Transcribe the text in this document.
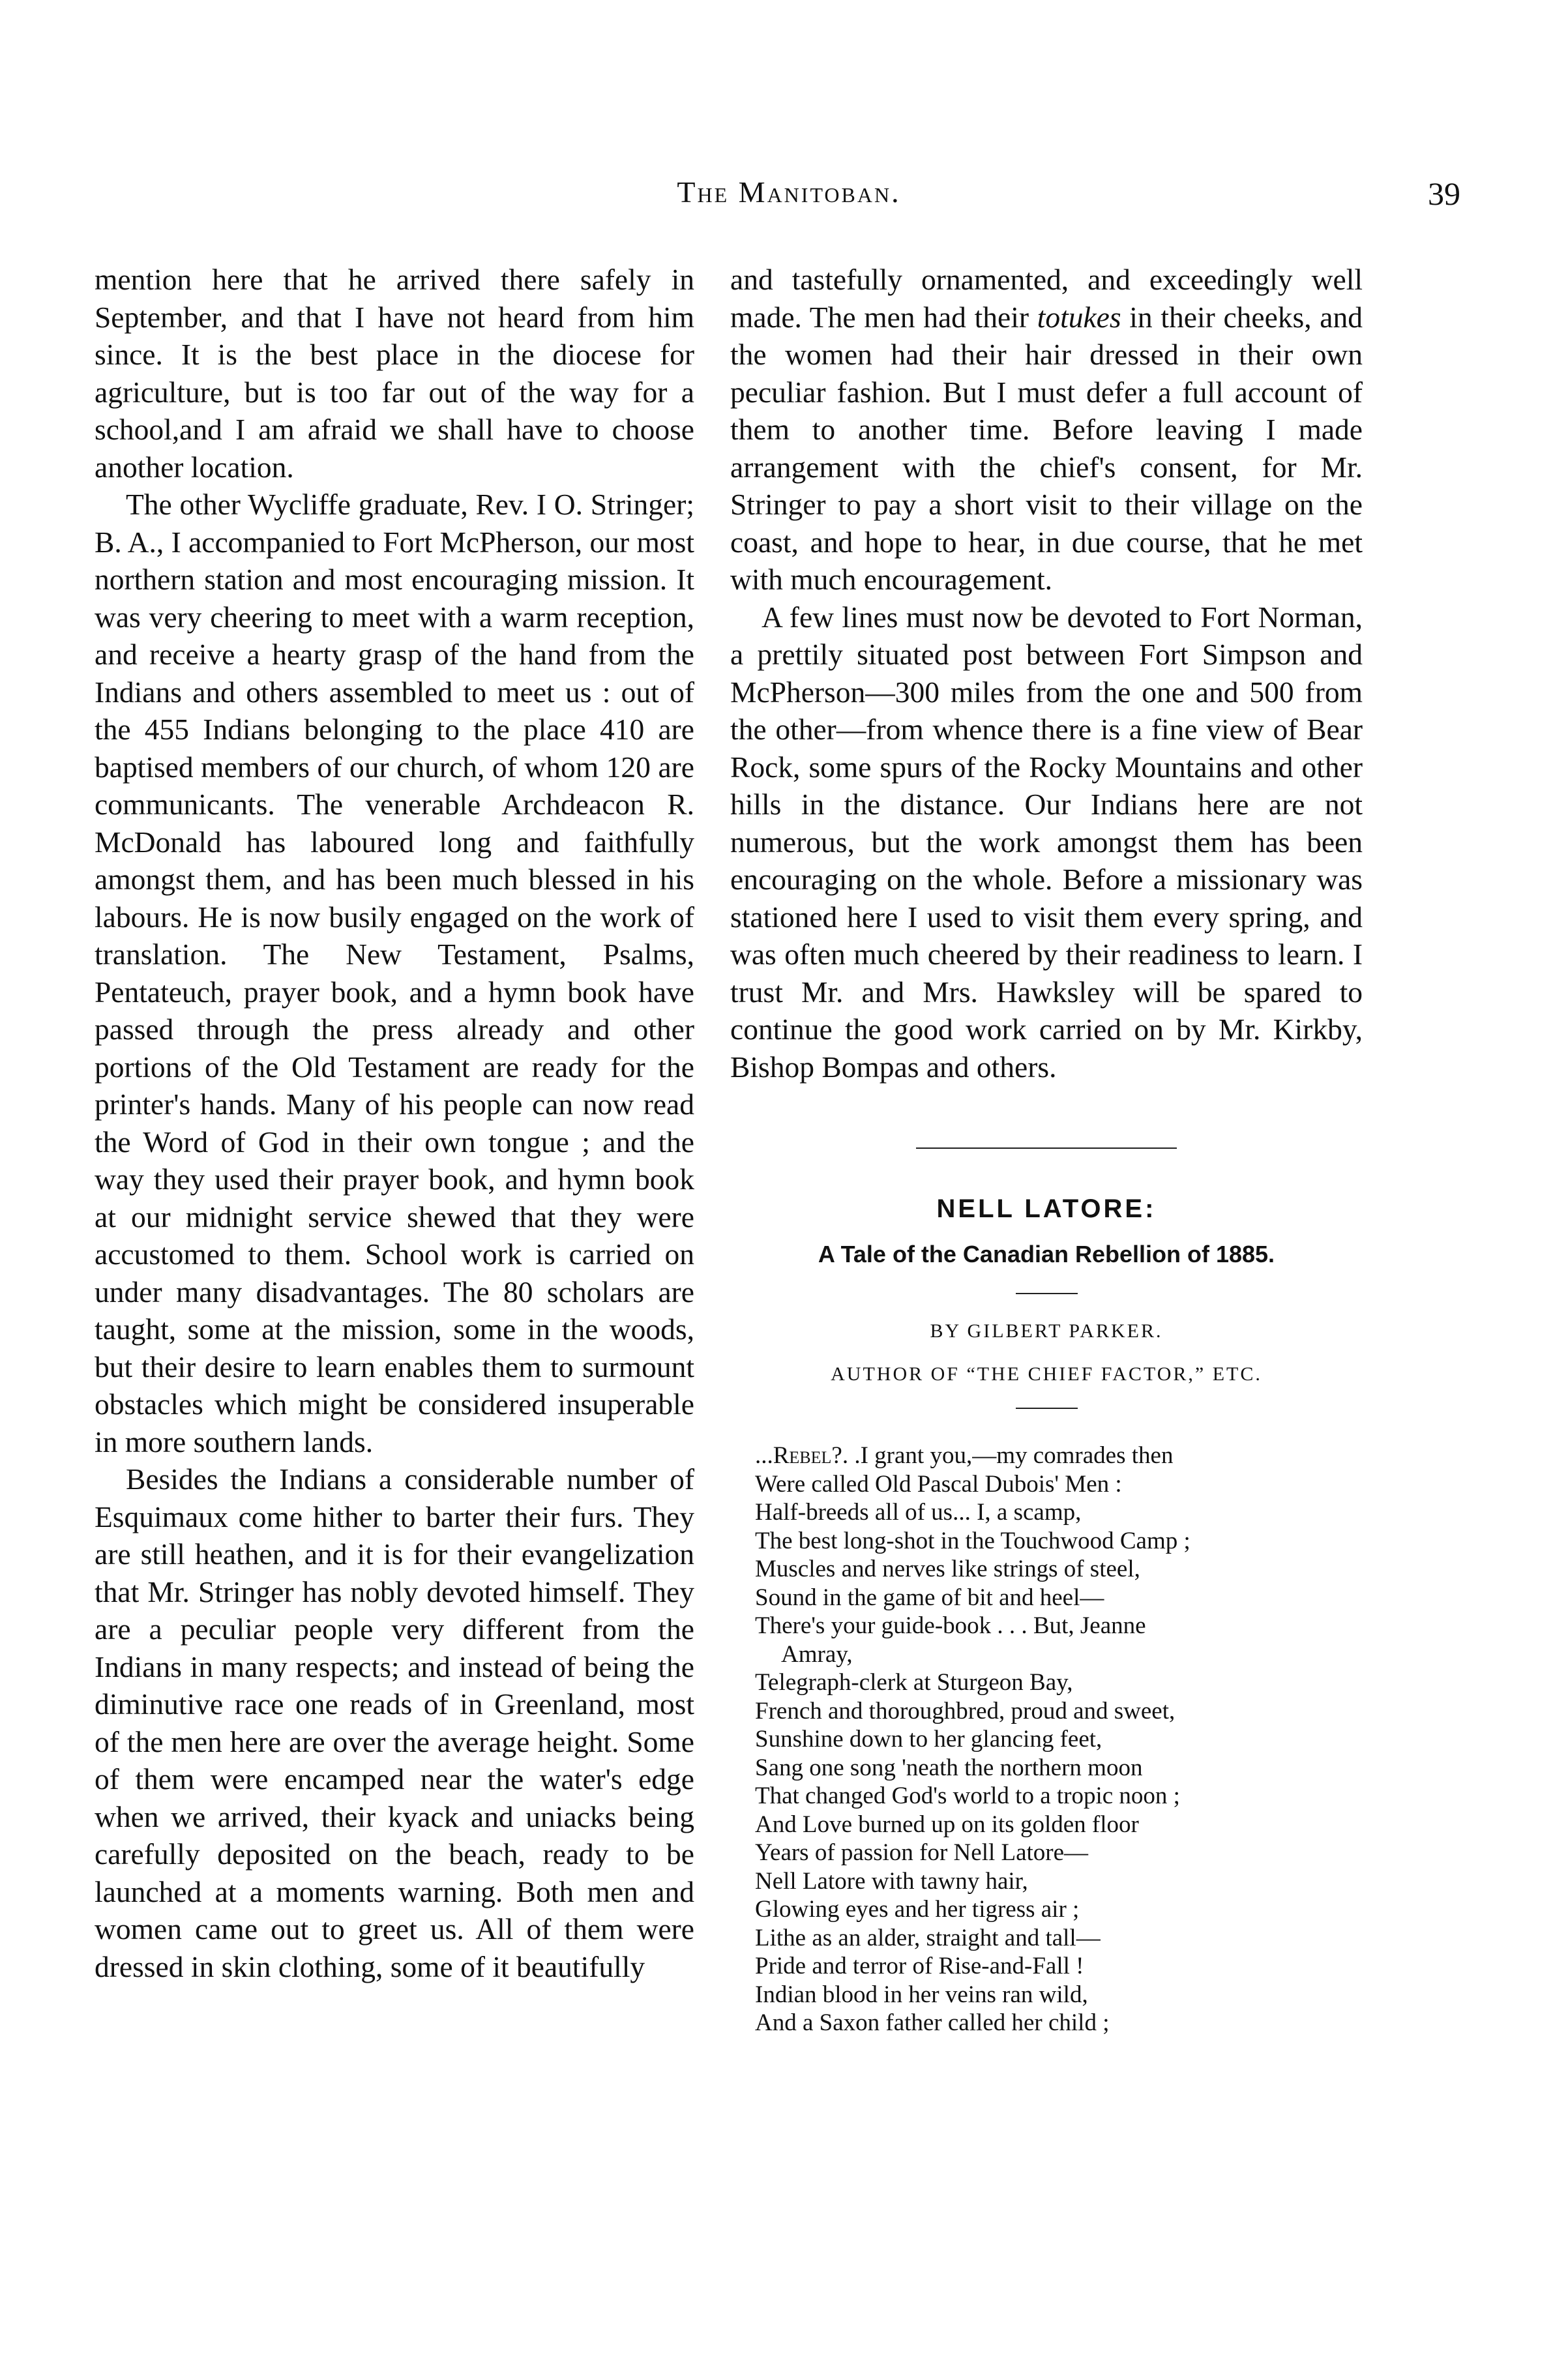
The Manitoban.	39

mention here that he arrived there safely in September, and that I have not heard from him since. It is the best place in the diocese for agriculture, but is too far out of the way for a school,and I am afraid we shall have to choose another location.

The other Wycliffe graduate, Rev. I O. Stringer; B. A., I accompanied to Fort McPherson, our most northern station and most encouraging mission. It was very cheering to meet with a warm reception, and receive a hearty grasp of the hand from the Indians and others assembled to meet us : out of the 455 Indians belonging to the place 410 are baptised members of our church, of whom 120 are communicants. The venerable Archdeacon R. McDonald has laboured long and faithfully amongst them, and has been much blessed in his labours. He is now busily engaged on the work of translation. The New Testament, Psalms, Pentateuch, prayer book, and a hymn book have passed through the press already and other portions of the Old Testament are ready for the printer's hands. Many of his people can now read the Word of God in their own tongue ; and the way they used their prayer book, and hymn book at our midnight service shewed that they were accustomed to them. School work is carried on under many disadvantages. The 80 scholars are taught, some at the mission, some in the woods, but their desire to learn enables them to surmount obstacles which might be considered insuperable in more southern lands.

Besides the Indians a considerable number of Esquimaux come hither to barter their furs. They are still heathen, and it is for their evangelization that Mr. Stringer has nobly devoted himself. They are a peculiar people very different from the Indians in many respects; and instead of being the diminutive race one reads of in Greenland, most of the men here are over the average height. Some of them were encamped near the water's edge when we arrived, their kyack and uniacks being carefully deposited on the beach, ready to be launched at a moments warning. Both men and women came out to greet us. All of them were dressed in skin clothing, some of it beautifully

and tastefully ornamented, and exceedingly well made. The men had their totukes in their cheeks, and the women had their hair dressed in their own peculiar fashion. But I must defer a full account of them to another time. Before leaving I made arrangement with the chief's consent, for Mr. Stringer to pay a short visit to their village on the coast, and hope to hear, in due course, that he met with much encouragement.

A few lines must now be devoted to Fort Norman, a prettily situated post between Fort Simpson and McPherson—300 miles from the one and 500 from the other—from whence there is a fine view of Bear Rock, some spurs of the Rocky Mountains and other hills in the distance. Our Indians here are not numerous, but the work amongst them has been encouraging on the whole. Before a missionary was stationed here I used to visit them every spring, and was often much cheered by their readiness to learn. I trust Mr. and Mrs. Hawksley will be spared to continue the good work carried on by Mr. Kirkby, Bishop Bompas and others.

NELL LATORE:
A Tale of the Canadian Rebellion of 1885.
BY GILBERT PARKER.
AUTHOR OF “THE CHIEF FACTOR,” ETC.
...Rebel?. .I grant you,—my comrades then
Were called Old Pascal Dubois' Men :
Half-breeds all of us... I, a scamp,
The best long-shot in the Touchwood Camp ;
Muscles and nerves like strings of steel,
Sound in the game of bit and heel—
There's your guide-book . . . But, Jeanne
Amray,
Telegraph-clerk at Sturgeon Bay,
French and thoroughbred, proud and sweet,
Sunshine down to her glancing feet,
Sang one song 'neath the northern moon
That changed God's world to a tropic noon ;
And Love burned up on its golden floor
Years of passion for Nell Latore—
Nell Latore with tawny hair,
Glowing eyes and her tigress air ;
Lithe as an alder, straight and tall—
Pride and terror of Rise-and-Fall !
Indian blood in her veins ran wild,
And a Saxon father called her child ;
